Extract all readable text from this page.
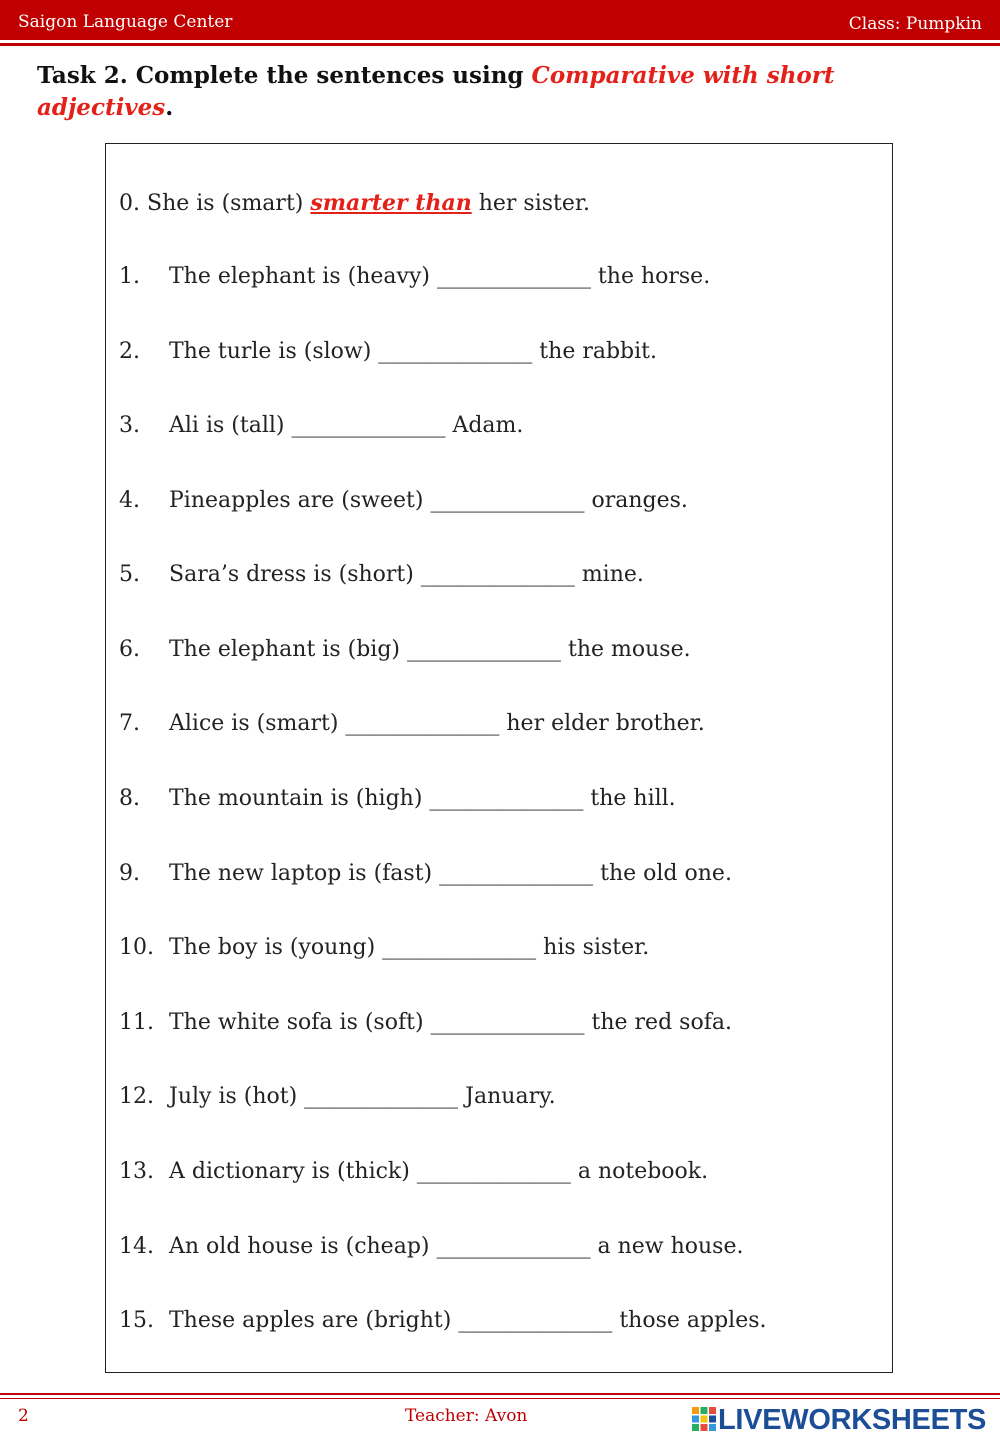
Saigon Language Center	Class: Pumpkin
Task 2. Complete the sentences using Comparative with short adjectives.
0. She is (smart) smarter than her sister.
1. The elephant is (heavy) ______________ the horse.
2. The turle is (slow) ______________ the rabbit.
3. Ali is (tall) ______________ Adam.
4. Pineapples are (sweet) ______________ oranges.
5. Sara’s dress is (short) ______________ mine.
6. The elephant is (big) ______________ the mouse.
7. Alice is (smart) ______________ her elder brother.
8. The mountain is (high) ______________ the hill.
9. The new laptop is (fast) ______________ the old one.
10. The boy is (young) ______________ his sister.
11. The white sofa is (soft) ______________ the red sofa.
12. July is (hot) ______________ January.
13. A dictionary is (thick) ______________ a notebook.
14. An old house is (cheap) ______________ a new house.
15. These apples are (bright) ______________ those apples.
2	Teacher: Avon	LIVEWORKSHEETS
